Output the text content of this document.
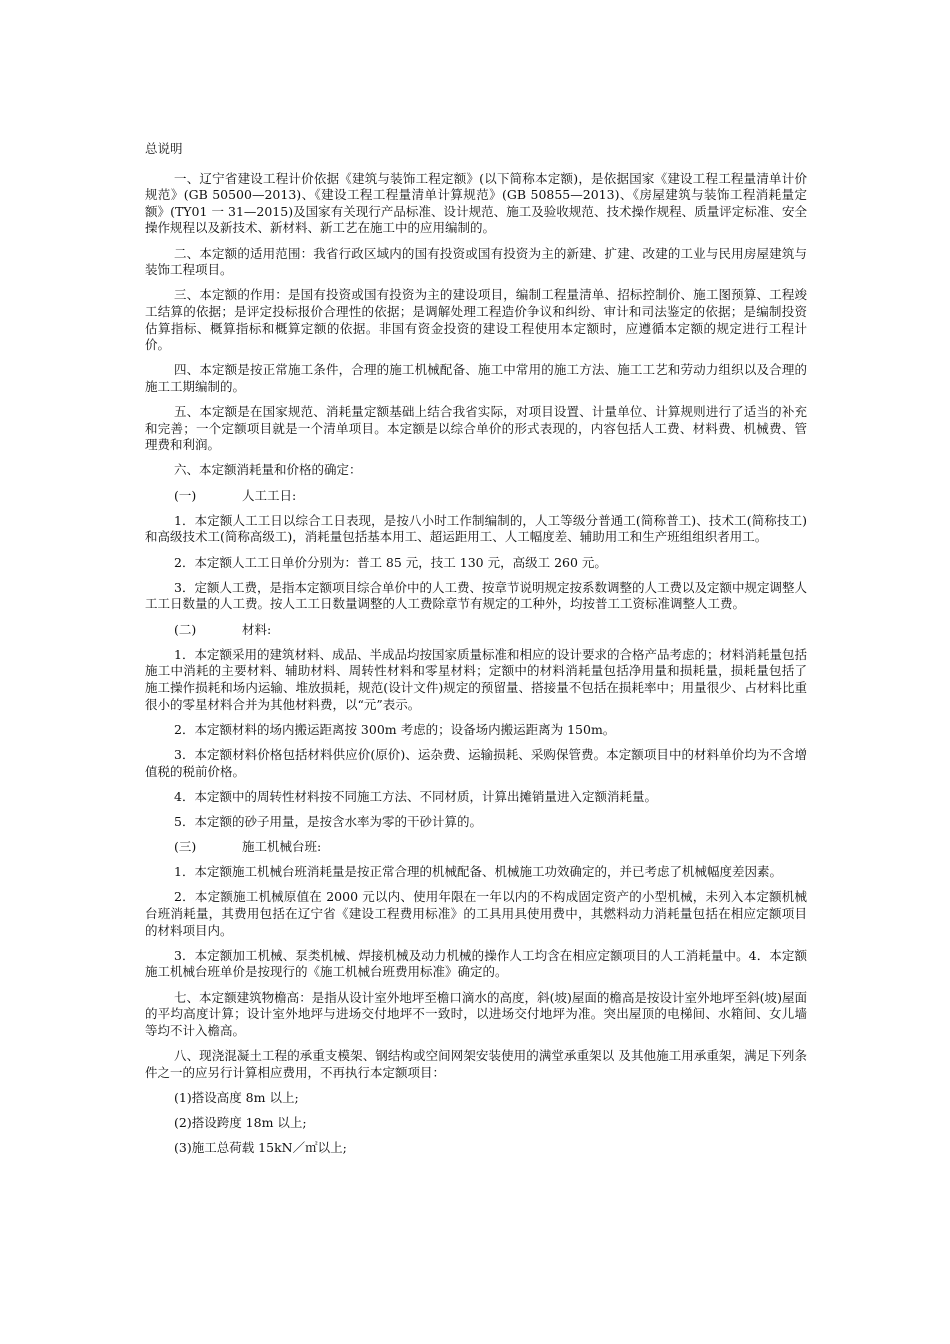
总说明

一、辽宁省建设工程计价依据《建筑与装饰工程定额》(以下简称本定额)，是依据国家《建设工程工程量清单计价规范》(GB 50500—2013)、《建设工程工程量清单计算规范》(GB 50855—2013)、《房屋建筑与装饰工程消耗量定额》(TY01 一 31—2015)及国家有关现行产品标准、设计规范、施工及验收规范、技术操作规程、质量评定标准、安全操作规程以及新技术、新材料、新工艺在施工中的应用编制的。

二、本定额的适用范围：我省行政区域内的国有投资或国有投资为主的新建、扩建、改建的工业与民用房屋建筑与装饰工程项目。

三、本定额的作用：是国有投资或国有投资为主的建设项目，编制工程量清单、招标控制价、施工图预算、工程竣工结算的依据；是评定投标报价合理性的依据；是调解处理工程造价争议和纠纷、审计和司法鉴定的依据；是编制投资估算指标、概算指标和概算定额的依据。非国有资金投资的建设工程使用本定额时，应遵循本定额的规定进行工程计价。

四、本定额是按正常施工条件，合理的施工机械配备、施工中常用的施工方法、施工工艺和劳动力组织以及合理的施工工期编制的。

五、本定额是在国家规范、消耗量定额基础上结合我省实际，对项目设置、计量单位、计算规则进行了适当的补充和完善；一个定额项目就是一个清单项目。本定额是以综合单价的形式表现的，内容包括人工费、材料费、机械费、管理费和利润。

六、本定额消耗量和价格的确定：

(一)	人工工日:

1．本定额人工工日以综合工日表现，是按八小时工作制编制的，人工等级分普通工(简称普工)、技术工(简称技工)和高级技术工(简称高级工)，消耗量包括基本用工、超运距用工、人工幅度差、辅助用工和生产班组组织者用工。

2．本定额人工工日单价分别为：普工 85 元，技工 130 元，高级工 260 元。

3．定额人工费，是指本定额项目综合单价中的人工费、按章节说明规定按系数调整的人工费以及定额中规定调整人工工日数量的人工费。按人工工日数量调整的人工费除章节有规定的工种外，均按普工工资标准调整人工费。

(二)	材料:

1．本定额采用的建筑材料、成品、半成品均按国家质量标准和相应的设计要求的合格产品考虑的；材料消耗量包括施工中消耗的主要材料、辅助材料、周转性材料和零星材料；定额中的材料消耗量包括净用量和损耗量，损耗量包括了施工操作损耗和场内运输、堆放损耗，规范(设计文件)规定的预留量、搭接量不包括在损耗率中；用量很少、占材料比重很小的零星材料合并为其他材料费，以“元”表示。

2．本定额材料的场内搬运距离按 300m 考虑的；设备场内搬运距离为 150m。

3．本定额材料价格包括材料供应价(原价)、运杂费、运输损耗、采购保管费。本定额项目中的材料单价均为不含增值税的税前价格。

4．本定额中的周转性材料按不同施工方法、不同材质，计算出摊销量进入定额消耗量。

5．本定额的砂子用量，是按含水率为零的干砂计算的。

(三)	施工机械台班:

1．本定额施工机械台班消耗量是按正常合理的机械配备、机械施工功效确定的，并已考虑了机械幅度差因素。

2．本定额施工机械原值在 2000 元以内、使用年限在一年以内的不构成固定资产的小型机械，未列入本定额机械台班消耗量，其费用包括在辽宁省《建设工程费用标准》的工具用具使用费中，其燃料动力消耗量包括在相应定额项目的材料项目内。

3．本定额加工机械、泵类机械、焊接机械及动力机械的操作人工均含在相应定额项目的人工消耗量中。4．本定额施工机械台班单价是按现行的《施工机械台班费用标准》确定的。

七、本定额建筑物檐高：是指从设计室外地坪至檐口滴水的高度，斜(坡)屋面的檐高是按设计室外地坪至斜(坡)屋面的平均高度计算；设计室外地坪与进场交付地坪不一致时，以进场交付地坪为准。突出屋顶的电梯间、水箱间、女儿墙等均不计入檐高。

八、现浇混凝土工程的承重支模架、钢结构或空间网架安装使用的满堂承重架以 及其他施工用承重架，满足下列条件之一的应另行计算相应费用，不再执行本定额项目：

(1)搭设高度 8m 以上;

(2)搭设跨度 18m 以上;

(3)施工总荷载 15kN／㎡以上;
